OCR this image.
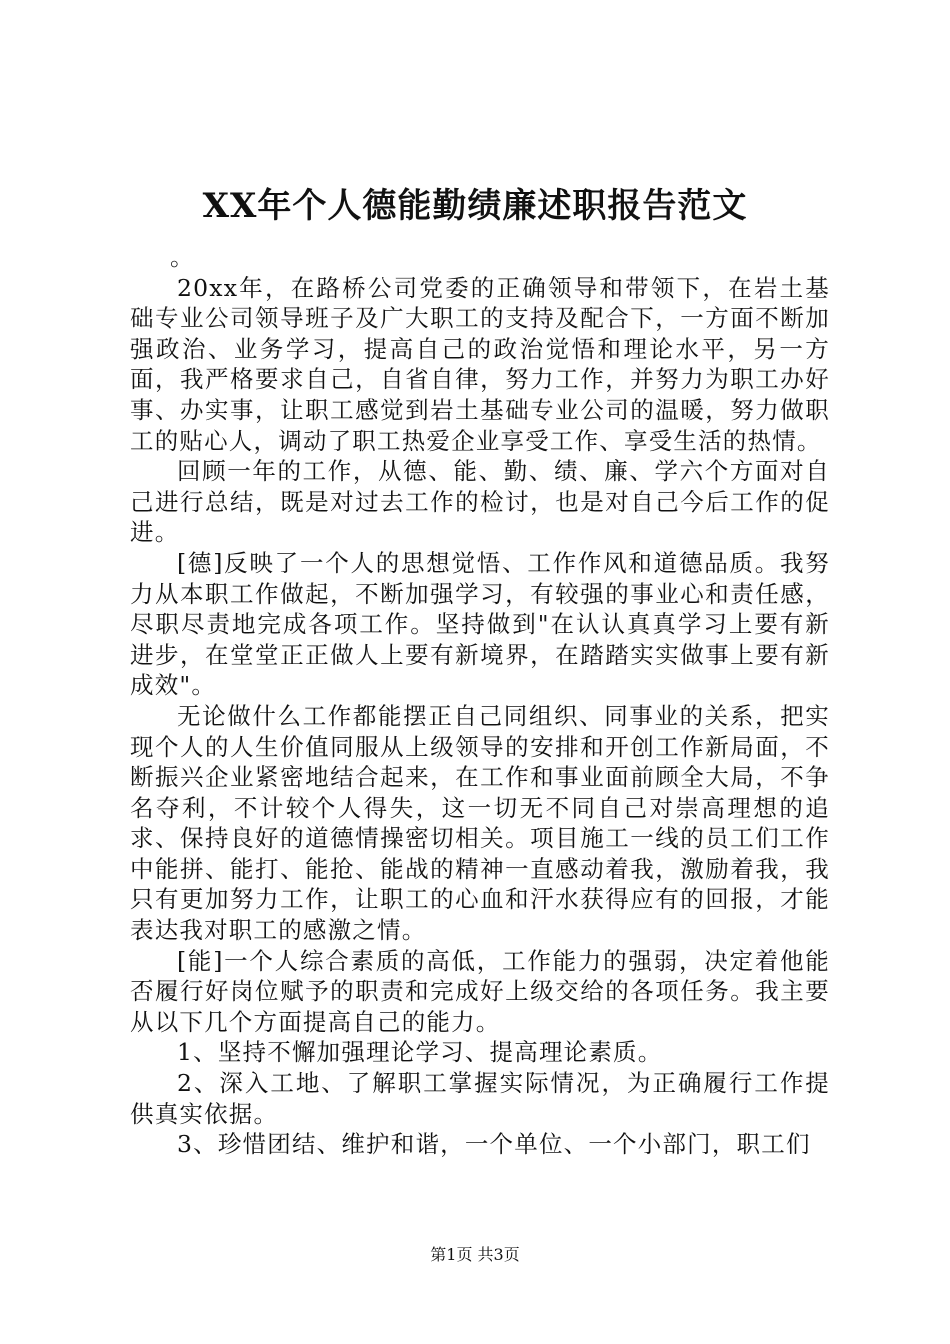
XX年个人德能勤绩廉述职报告范文

。

20xx年，在路桥公司党委的正确领导和带领下，在岩土基础专业公司领导班子及广大职工的支持及配合下，一方面不断加强政治、业务学习，提高自己的政治觉悟和理论水平，另一方面，我严格要求自己，自省自律，努力工作，并努力为职工办好事、办实事，让职工感觉到岩土基础专业公司的温暖，努力做职工的贴心人，调动了职工热爱企业享受工作、享受生活的热情。

回顾一年的工作，从德、能、勤、绩、廉、学六个方面对自己进行总结，既是对过去工作的检讨，也是对自己今后工作的促进。

[德]反映了一个人的思想觉悟、工作作风和道德品质。我努力从本职工作做起，不断加强学习，有较强的事业心和责任感，尽职尽责地完成各项工作。坚持做到"在认认真真学习上要有新进步，在堂堂正正做人上要有新境界，在踏踏实实做事上要有新成效"。

无论做什么工作都能摆正自己同组织、同事业的关系，把实现个人的人生价值同服从上级领导的安排和开创工作新局面，不断振兴企业紧密地结合起来，在工作和事业面前顾全大局，不争名夺利，不计较个人得失，这一切无不同自己对崇高理想的追求、保持良好的道德情操密切相关。项目施工一线的员工们工作中能拼、能打、能抢、能战的精神一直感动着我，激励着我，我只有更加努力工作，让职工的心血和汗水获得应有的回报，才能表达我对职工的感激之情。

[能]一个人综合素质的高低，工作能力的强弱，决定着他能否履行好岗位赋予的职责和完成好上级交给的各项任务。我主要从以下几个方面提高自己的能力。

1、坚持不懈加强理论学习、提高理论素质。

2、深入工地、了解职工掌握实际情况，为正确履行工作提供真实依据。

3、珍惜团结、维护和谐，一个单位、一个小部门，职工们

第1页 共3页
